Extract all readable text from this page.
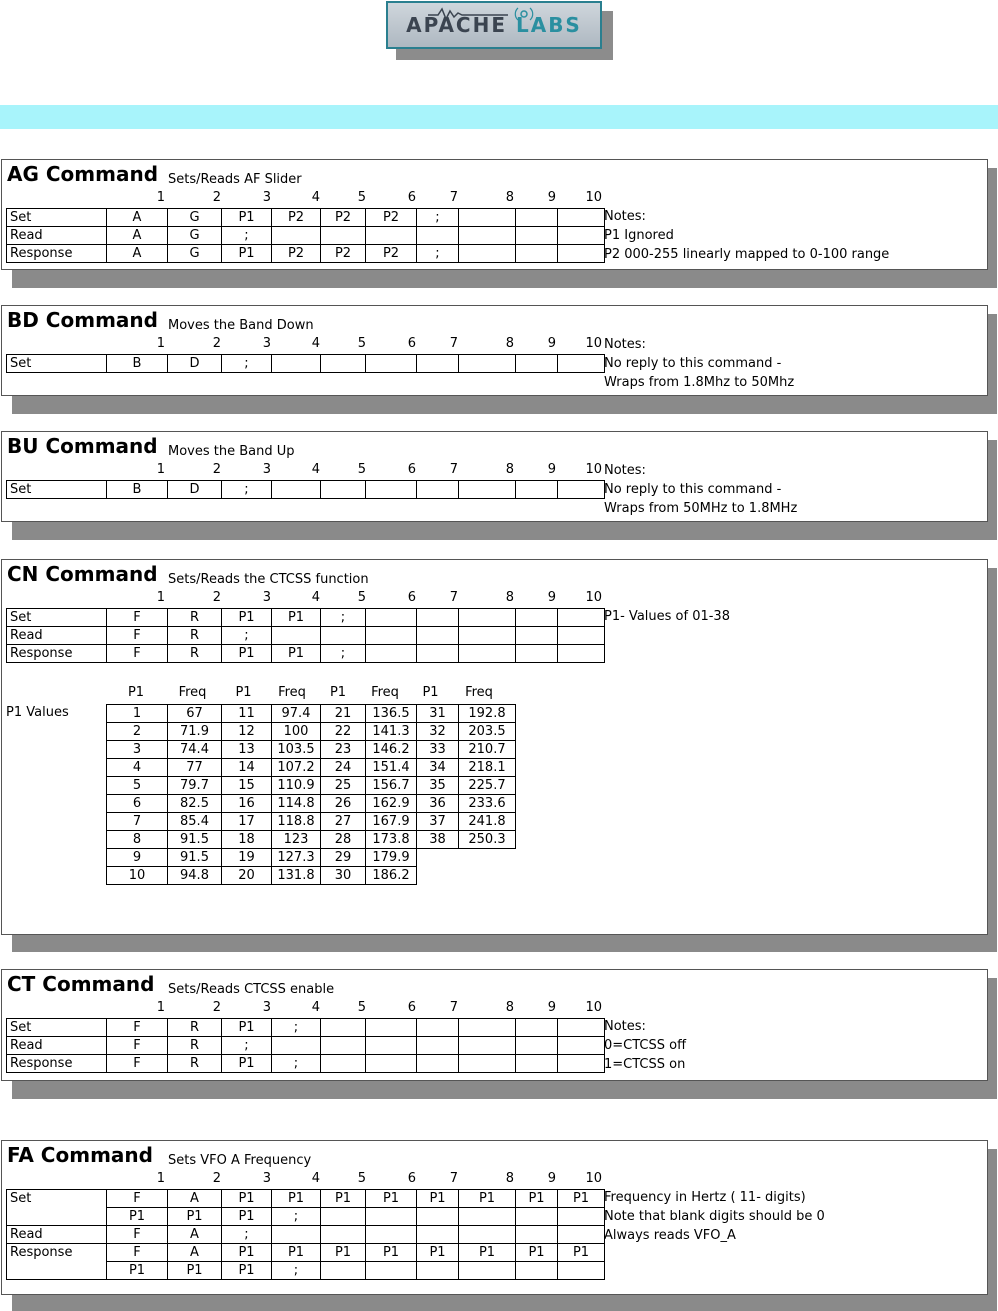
APACHE LABS
AG Command Sets/Reads AF Slider
1	2	3	4	5	6	7	8	9	10
Set	A	G	P1	P2	P2	P2	;			
Read	A	G	;							
Response	A	G	P1	P2	P2	P2	;			
Notes:
P1 Ignored
P2 000-255 linearly mapped to 0-100 range
BD Command Moves the Band Down
1	2	3	4	5	6	7	8	9	10
Set	B	D	;							
Notes:
No reply to this command -
Wraps from 1.8Mhz to 50Mhz
BU Command Moves the Band Up
1	2	3	4	5	6	7	8	9	10
Set	B	D	;							
Notes:
No reply to this command -
Wraps from 50MHz to 1.8MHz
CN Command Sets/Reads the CTCSS function
1	2	3	4	5	6	7	8	9	10
Set	F	R	P1	P1	;					
Read	F	R	;							
Response	F	R	P1	P1	;					
P1- Values of 01-38
P1 Values
P1	Freq	P1	Freq	P1	Freq	P1	Freq
1	67	11	97.4	21	136.5	31	192.8
2	71.9	12	100	22	141.3	32	203.5
3	74.4	13	103.5	23	146.2	33	210.7
4	77	14	107.2	24	151.4	34	218.1
5	79.7	15	110.9	25	156.7	35	225.7
6	82.5	16	114.8	26	162.9	36	233.6
7	85.4	17	118.8	27	167.9	37	241.8
8	91.5	18	123	28	173.8	38	250.3
9	91.5	19	127.3	29	179.9		
10	94.8	20	131.8	30	186.2		
CT Command Sets/Reads CTCSS enable
1	2	3	4	5	6	7	8	9	10
Set	F	R	P1	;						
Read	F	R	;							
Response	F	R	P1	;						
Notes:
0=CTCSS off
1=CTCSS on
FA Command Sets VFO A Frequency
1	2	3	4	5	6	7	8	9	10
Set	F	A	P1	P1	P1	P1	P1	P1	P1	P1
	P1	P1	P1	;						
Read	F	A	;							
Response	F	A	P1	P1	P1	P1	P1	P1	P1	P1
	P1	P1	P1	;						
Frequency in Hertz ( 11- digits)
Note that blank digits should be 0
Always reads VFO_A
